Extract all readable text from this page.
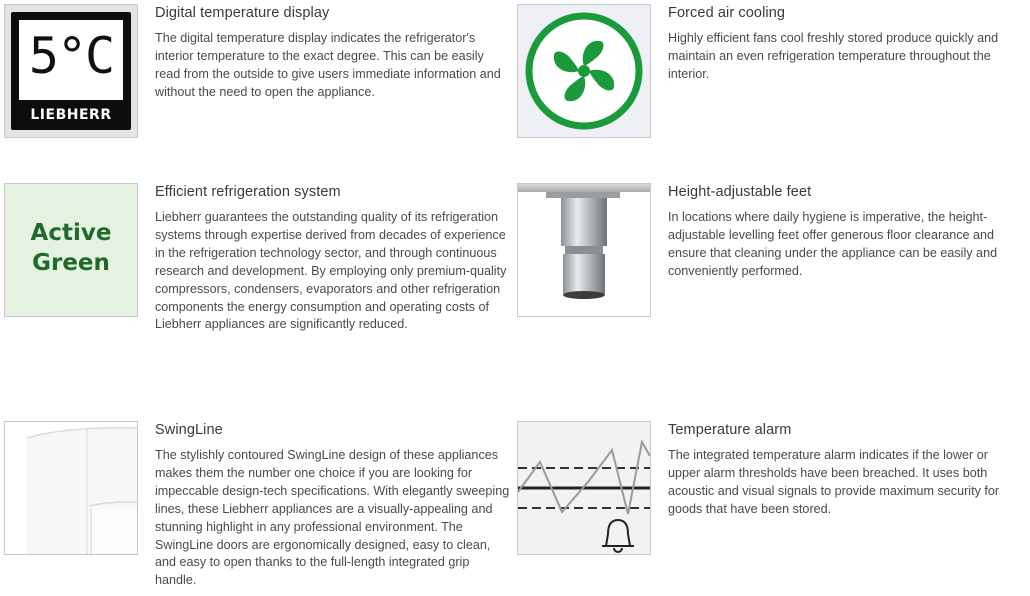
5°C
LIEBHERR
Digital temperature display

The digital temperature display indicates the refrigerator's interior temperature to the exact degree. This can be easily read from the outside to give users immediate information and without the need to open the appliance.

Forced air cooling

Highly efficient fans cool freshly stored produce quickly and maintain an even refrigeration temperature throughout the interior.

Active
Green
Efficient refrigeration system

Liebherr guarantees the outstanding quality of its refrigeration systems through expertise derived from decades of experience in the refrigeration technology sector, and through continuous research and development. By employing only premium-quality compressors, condensers, evaporators and other refrigeration components the energy consumption and operating costs of Liebherr appliances are significantly reduced.

Height-adjustable feet

In locations where daily hygiene is imperative, the height-adjustable levelling feet offer generous floor clearance and ensure that cleaning under the appliance can be easily and conveniently performed.

SwingLine

The stylishly contoured SwingLine design of these appliances makes them the number one choice if you are looking for impeccable design-tech specifications. With elegantly sweeping lines, these Liebherr appliances are a visually-appealing and stunning highlight in any professional environment. The SwingLine doors are ergonomically designed, easy to clean, and easy to open thanks to the full-length integrated grip handle.

Temperature alarm

The integrated temperature alarm indicates if the lower or upper alarm thresholds have been breached. It uses both acoustic and visual signals to provide maximum security for goods that have been stored.
